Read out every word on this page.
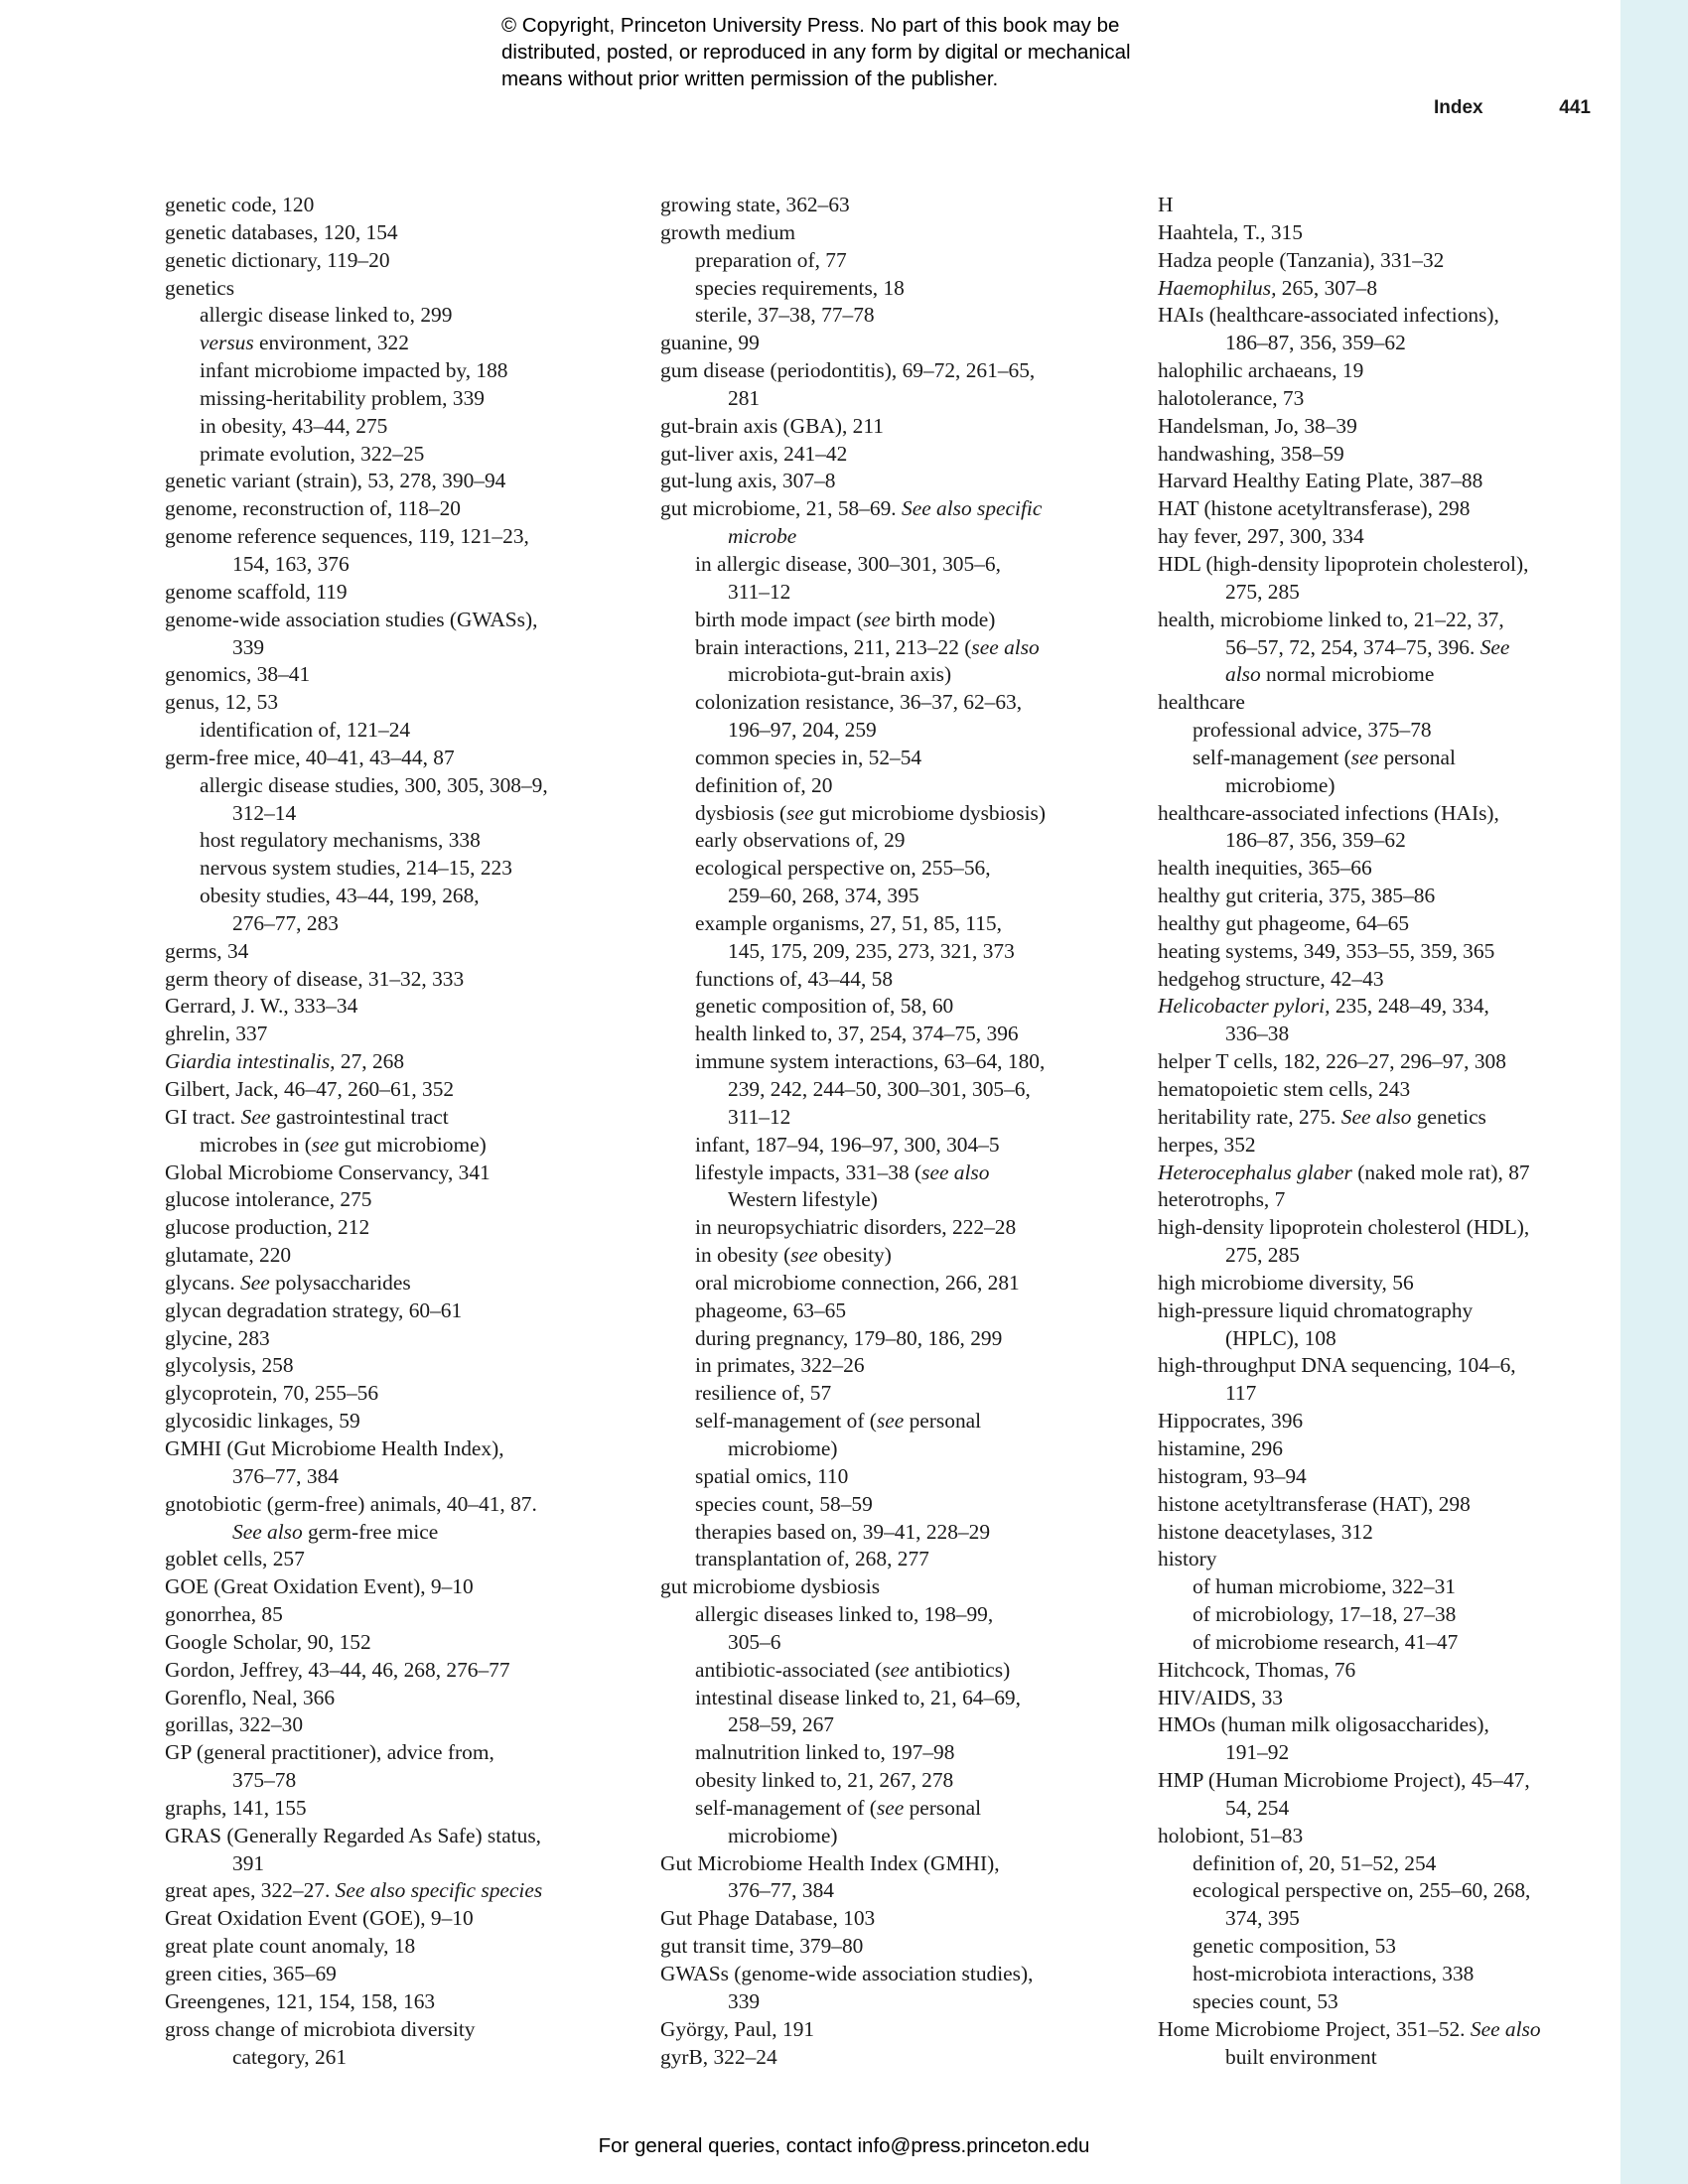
© Copyright, Princeton University Press. No part of this book may be
distributed, posted, or reproduced in any form by digital or mechanical
means without prior written permission of the publisher.
Index	441
genetic code, 120
genetic databases, 120, 154
genetic dictionary, 119–20
genetics
allergic disease linked to, 299
versus environment, 322
infant microbiome impacted by, 188
missing-heritability problem, 339
in obesity, 43–44, 275
primate evolution, 322–25
genetic variant (strain), 53, 278, 390–94
genome, reconstruction of, 118–20
genome reference sequences, 119, 121–23,
154, 163, 376
genome scaffold, 119
genome-wide association studies (GWASs),
339
genomics, 38–41
genus, 12, 53
identification of, 121–24
germ-free mice, 40–41, 43–44, 87
allergic disease studies, 300, 305, 308–9,
312–14
host regulatory mechanisms, 338
nervous system studies, 214–15, 223
obesity studies, 43–44, 199, 268,
276–77, 283
germs, 34
germ theory of disease, 31–32, 333
Gerrard, J. W., 333–34
ghrelin, 337
Giardia intestinalis, 27, 268
Gilbert, Jack, 46–47, 260–61, 352
GI tract. See gastrointestinal tract
microbes in (see gut microbiome)
Global Microbiome Conservancy, 341
glucose intolerance, 275
glucose production, 212
glutamate, 220
glycans. See polysaccharides
glycan degradation strategy, 60–61
glycine, 283
glycolysis, 258
glycoprotein, 70, 255–56
glycosidic linkages, 59
GMHI (Gut Microbiome Health Index),
376–77, 384
gnotobiotic (germ-free) animals, 40–41, 87.
See also germ-free mice
goblet cells, 257
GOE (Great Oxidation Event), 9–10
gonorrhea, 85
Google Scholar, 90, 152
Gordon, Jeffrey, 43–44, 46, 268, 276–77
Gorenflo, Neal, 366
gorillas, 322–30
GP (general practitioner), advice from,
375–78
graphs, 141, 155
GRAS (Generally Regarded As Safe) status,
391
great apes, 322–27. See also specific species
Great Oxidation Event (GOE), 9–10
great plate count anomaly, 18
green cities, 365–69
Greengenes, 121, 154, 158, 163
gross change of microbiota diversity
category, 261
growing state, 362–63
growth medium
preparation of, 77
species requirements, 18
sterile, 37–38, 77–78
guanine, 99
gum disease (periodontitis), 69–72, 261–65,
281
gut-brain axis (GBA), 211
gut-liver axis, 241–42
gut-lung axis, 307–8
gut microbiome, 21, 58–69. See also specific
microbe
in allergic disease, 300–301, 305–6,
311–12
birth mode impact (see birth mode)
brain interactions, 211, 213–22 (see also
microbiota-gut-brain axis)
colonization resistance, 36–37, 62–63,
196–97, 204, 259
common species in, 52–54
definition of, 20
dysbiosis (see gut microbiome dysbiosis)
early observations of, 29
ecological perspective on, 255–56,
259–60, 268, 374, 395
example organisms, 27, 51, 85, 115,
145, 175, 209, 235, 273, 321, 373
functions of, 43–44, 58
genetic composition of, 58, 60
health linked to, 37, 254, 374–75, 396
immune system interactions, 63–64, 180,
239, 242, 244–50, 300–301, 305–6,
311–12
infant, 187–94, 196–97, 300, 304–5
lifestyle impacts, 331–38 (see also
Western lifestyle)
in neuropsychiatric disorders, 222–28
in obesity (see obesity)
oral microbiome connection, 266, 281
phageome, 63–65
during pregnancy, 179–80, 186, 299
in primates, 322–26
resilience of, 57
self-management of (see personal
microbiome)
spatial omics, 110
species count, 58–59
therapies based on, 39–41, 228–29
transplantation of, 268, 277
gut microbiome dysbiosis
allergic diseases linked to, 198–99,
305–6
antibiotic-associated (see antibiotics)
intestinal disease linked to, 21, 64–69,
258–59, 267
malnutrition linked to, 197–98
obesity linked to, 21, 267, 278
self-management of (see personal
microbiome)
Gut Microbiome Health Index (GMHI),
376–77, 384
Gut Phage Database, 103
gut transit time, 379–80
GWASs (genome-wide association studies),
339
György, Paul, 191
gyrB, 322–24
H
Haahtela, T., 315
Hadza people (Tanzania), 331–32
Haemophilus, 265, 307–8
HAIs (healthcare-associated infections),
186–87, 356, 359–62
halophilic archaeans, 19
halotolerance, 73
Handelsman, Jo, 38–39
handwashing, 358–59
Harvard Healthy Eating Plate, 387–88
HAT (histone acetyltransferase), 298
hay fever, 297, 300, 334
HDL (high-density lipoprotein cholesterol),
275, 285
health, microbiome linked to, 21–22, 37,
56–57, 72, 254, 374–75, 396. See
also normal microbiome
healthcare
professional advice, 375–78
self-management (see personal
microbiome)
healthcare-associated infections (HAIs),
186–87, 356, 359–62
health inequities, 365–66
healthy gut criteria, 375, 385–86
healthy gut phageome, 64–65
heating systems, 349, 353–55, 359, 365
hedgehog structure, 42–43
Helicobacter pylori, 235, 248–49, 334,
336–38
helper T cells, 182, 226–27, 296–97, 308
hematopoietic stem cells, 243
heritability rate, 275. See also genetics
herpes, 352
Heterocephalus glaber (naked mole rat), 87
heterotrophs, 7
high-density lipoprotein cholesterol (HDL),
275, 285
high microbiome diversity, 56
high-pressure liquid chromatography
(HPLC), 108
high-throughput DNA sequencing, 104–6,
117
Hippocrates, 396
histamine, 296
histogram, 93–94
histone acetyltransferase (HAT), 298
histone deacetylases, 312
history
of human microbiome, 322–31
of microbiology, 17–18, 27–38
of microbiome research, 41–47
Hitchcock, Thomas, 76
HIV/AIDS, 33
HMOs (human milk oligosaccharides),
191–92
HMP (Human Microbiome Project), 45–47,
54, 254
holobiont, 51–83
definition of, 20, 51–52, 254
ecological perspective on, 255–60, 268,
374, 395
genetic composition, 53
host-microbiota interactions, 338
species count, 53
Home Microbiome Project, 351–52. See also
built environment
For general queries, contact info@press.princeton.edu
